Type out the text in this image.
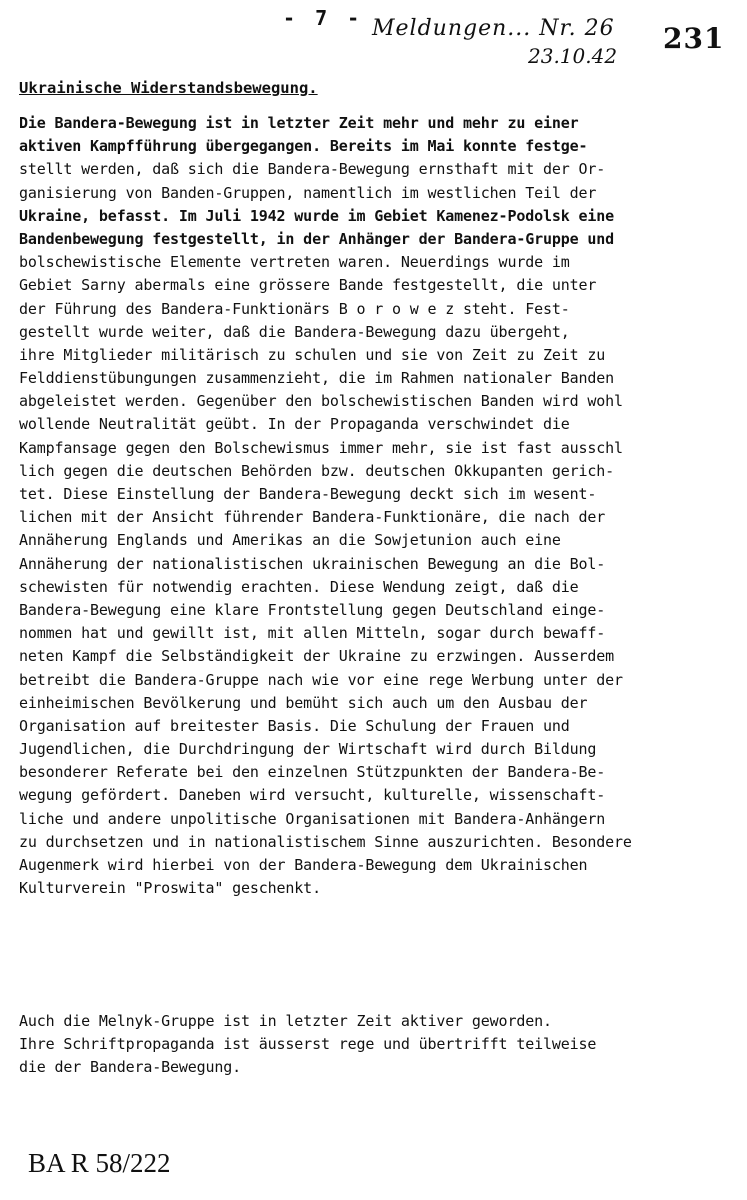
- 7 - Meldungen... Nr. 26
23.10.42
231
Ukrainische Widerstandsbewegung.
Die Bandera-Bewegung ist in letzter Zeit mehr und mehr zu einer
aktiven Kampfführung übergegangen. Bereits im Mai konnte festge-
stellt werden, daß sich die Bandera-Bewegung ernsthaft mit der Or-
ganisierung von Banden-Gruppen, namentlich im westlichen Teil der
Ukraine, befasst. Im Juli 1942 wurde im Gebiet Kamenez-Podolsk eine
Bandenbewegung festgestellt, in der Anhänger der Bandera-Gruppe und
bolschewistische Elemente vertreten waren. Neuerdings wurde im
Gebiet Sarny abermals eine grössere Bande festgestellt, die unter
der Führung des Bandera-Funktionärs B o r o w e z steht. Fest-
gestellt wurde weiter, daß die Bandera-Bewegung dazu übergeht,
ihre Mitglieder militärisch zu schulen und sie von Zeit zu Zeit zu
Felddienstübungungen zusammenzieht, die im Rahmen nationaler Banden
abgeleistet werden. Gegenüber den bolschewistischen Banden wird wohl
wollende Neutralität geübt. In der Propaganda verschwindet die
Kampfansage gegen den Bolschewismus immer mehr, sie ist fast ausschl
lich gegen die deutschen Behörden bzw. deutschen Okkupanten gerich-
tet. Diese Einstellung der Bandera-Bewegung deckt sich im wesent-
lichen mit der Ansicht führender Bandera-Funktionäre, die nach der
Annäherung Englands und Amerikas an die Sowjetunion auch eine
Annäherung der nationalistischen ukrainischen Bewegung an die Bol-
schewisten für notwendig erachten. Diese Wendung zeigt, daß die
Bandera-Bewegung eine klare Frontstellung gegen Deutschland einge-
nommen hat und gewillt ist, mit allen Mitteln, sogar durch bewaff-
neten Kampf die Selbständigkeit der Ukraine zu erzwingen. Ausserdem
betreibt die Bandera-Gruppe nach wie vor eine rege Werbung unter der
einheimischen Bevölkerung und bemüht sich auch um den Ausbau der
Organisation auf breitester Basis. Die Schulung der Frauen und
Jugendlichen, die Durchdringung der Wirtschaft wird durch Bildung
besonderer Referate bei den einzelnen Stützpunkten der Bandera-Be-
wegung gefördert. Daneben wird versucht, kulturelle, wissenschaft-
liche und andere unpolitische Organisationen mit Bandera-Anhängern
zu durchsetzen und in nationalistischem Sinne auszurichten. Besondere
Augenmerk wird hierbei von der Bandera-Bewegung dem Ukrainischen
Kulturverein "Proswita" geschenkt.
Auch die Melnyk-Gruppe ist in letzter Zeit aktiver geworden.
Ihre Schriftpropaganda ist äusserst rege und übertrifft teilweise
die der Bandera-Bewegung.
BA R 58/222
